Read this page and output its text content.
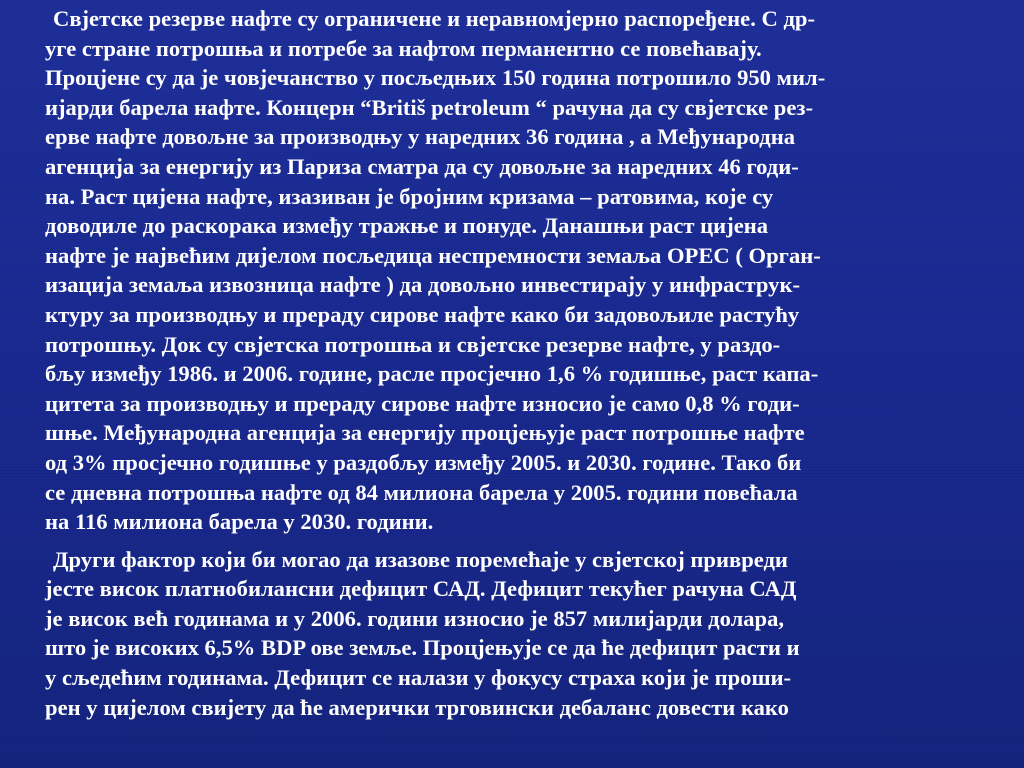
Свјетске резерве нафте су ограничене и неравномјерно распоређене. С др-
уге стране потрошња и потребе за нафтом перманентно се повећавају.
Процјене су да је човјечанство у посљедњих 150 година потрошило 950 мил-
ијарди барела нафте. Концерн “Britiš petroleum “ рачуна да су свјетске рез-
ерве нафте довољне за производњу у наредних 36 година , а Међународна
агенција за енергију из Париза сматра да су довољне за наредних 46 годи-
на. Раст цијена нафте, изазиван је бројним кризама – ратовима, које су
доводиле до раскорака између тражње и понуде. Данашњи раст цијена
нафте је највећим дијелом посљедица неспремности земаља ОРЕС ( Орган-
изација земаља извозница нафте ) да довољно инвестирају у инфраструк-
ктуру за производњу и прераду сирове нафте како би задовољиле растућу
потрошњу. Док су свјетска потрошња и свјетске резерве нафте, у раздо-
бљу између 1986. и 2006. године, расле просјечно 1,6 % годишње, раст капа-
цитета за производњу и прераду сирове нафте износио је само 0,8 % годи-
шње. Међународна агенција за енергију процјењује раст потрошње нафте
од 3% просјечно годишње у раздобљу између 2005. и 2030. године. Тако би
се дневна потрошња нафте од 84 милиона барела у 2005. години повећала
на 116 милиона барела у 2030. години.
Други фактор који би могао да изазове поремећаје у свјетској привреди
јесте висок платнобилансни дефицит САД. Дефицит текућег рачуна САД
је висок већ годинама и у 2006. години износио је 857 милијарди долара,
што је високих 6,5% BDP ове земље. Процјењује се да ће дефицит расти и
у сљедећим годинама. Дефицит се налази у фокусу страха који је проши-
рен у цијелом свијету да ће амерички трговински дебаланс довести како
